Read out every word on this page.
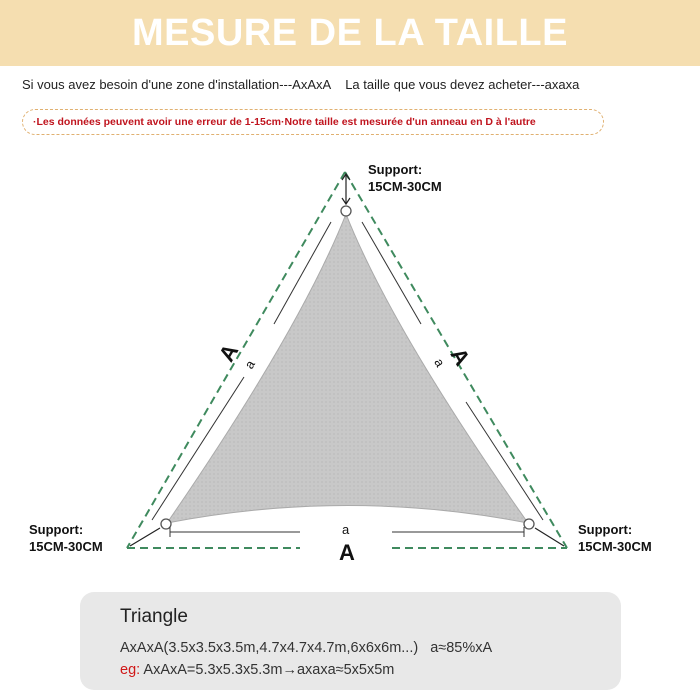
MESURE DE LA TAILLE
Si vous avez besoin d'une zone d'installation---AxAxA La taille que vous devez acheter---axaxa
·Les données peuvent avoir une erreur de 1-15cm ·Notre taille est mesurée d'un anneau en D à l'autre
Support:
15CM-30CM
Support:
15CM-30CM
Support:
15CM-30CM
A
a	A
a
a
A
Triangle
AxAxA(3.5x3.5x3.5m,4.7x4.7x4.7m,6x6x6m...) a≈85%xA
eg: AxAxA=5.3x5.3x5.3m→axaxa≈5x5x5m
